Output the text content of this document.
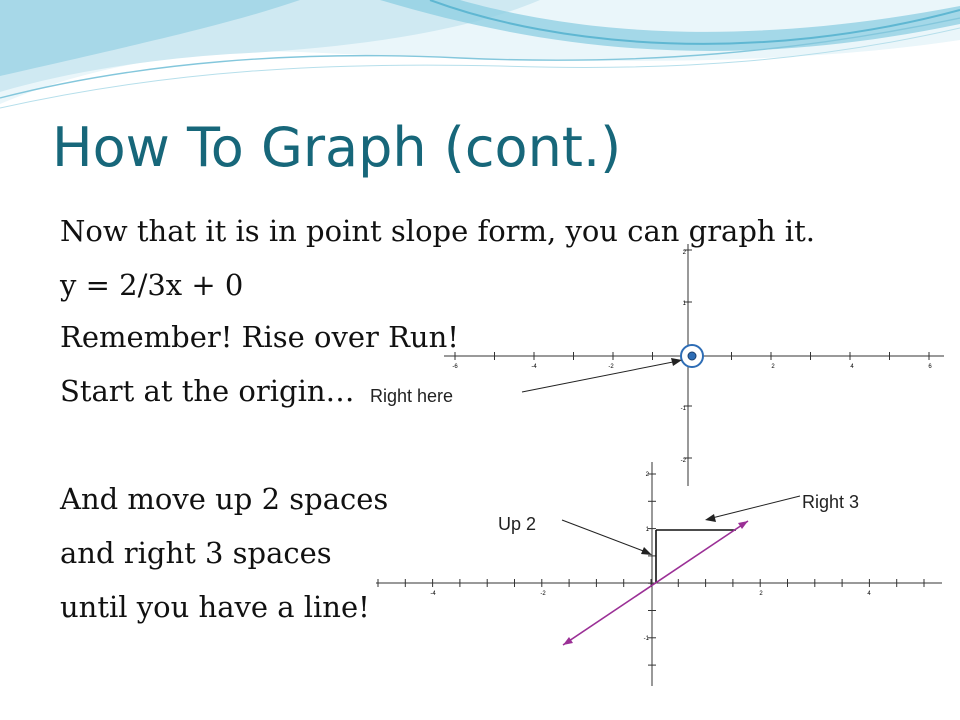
How To Graph (cont.)

Now that it is in point slope form, you can graph it.

y = 2/3x + 0

Remember! Rise over Run!

Start at the origin…

And move up 2 spaces

and right 3 spaces

until you have a line!

-6	-4	-2	2	4	6
2
1
-1
-2
-4	-2	2	4
2
1
-1
Right here
Up 2
Right 3
